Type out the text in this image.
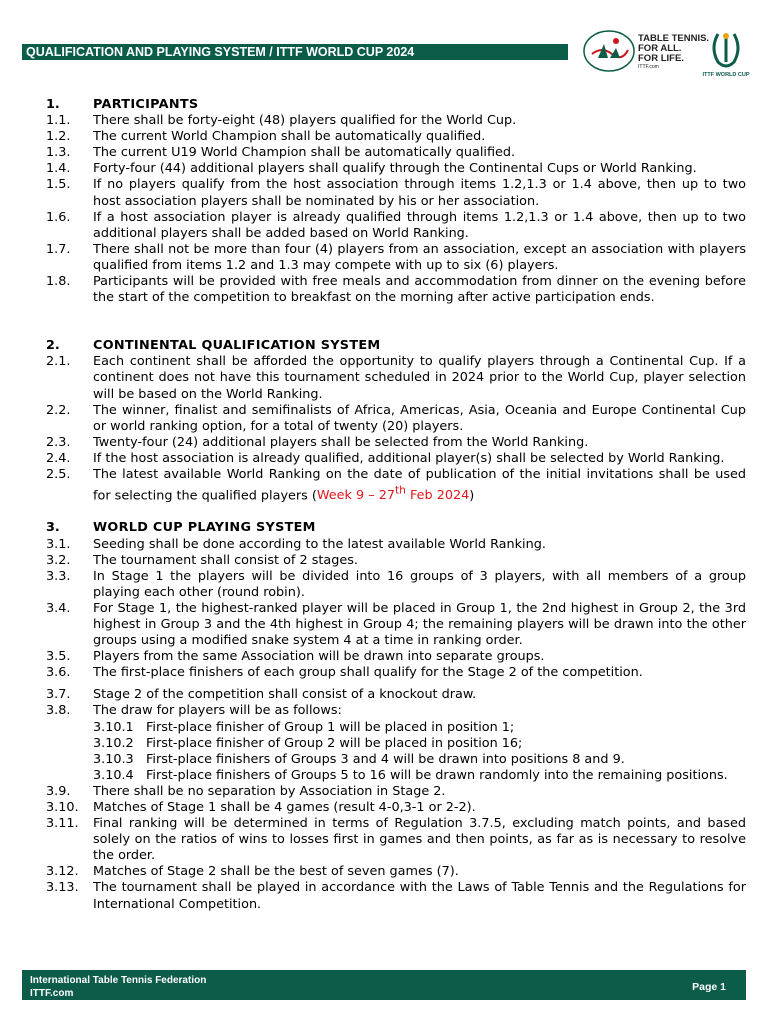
QUALIFICATION AND PLAYING SYSTEM / ITTF WORLD CUP 2024
TABLE TENNIS.
FOR ALL.
FOR LIFE.
ITTF.com
ITTF WORLD CUP
1.	PARTICIPANTS
1.1.	There shall be forty-eight (48) players qualified for the World Cup.
1.2.	The current World Champion shall be automatically qualified.
1.3.	The current U19 World Champion shall be automatically qualified.
1.4.	Forty-four (44) additional players shall qualify through the Continental Cups or World Ranking.
1.5.	If no players qualify from the host association through items 1.2,1.3 or 1.4 above, then up to two host association players shall be nominated by his or her association.
1.6.	If a host association player is already qualified through items 1.2,1.3 or 1.4 above, then up to two additional players shall be added based on World Ranking.
1.7.	There shall not be more than four (4) players from an association, except an association with players qualified from items 1.2 and 1.3 may compete with up to six (6) players.
1.8.	Participants will be provided with free meals and accommodation from dinner on the evening before the start of the competition to breakfast on the morning after active participation ends.
2.	CONTINENTAL QUALIFICATION SYSTEM
2.1.	Each continent shall be afforded the opportunity to qualify players through a Continental Cup. If a continent does not have this tournament scheduled in 2024 prior to the World Cup, player selection will be based on the World Ranking.
2.2.	The winner, finalist and semifinalists of Africa, Americas, Asia, Oceania and Europe Continental Cup or world ranking option, for a total of twenty (20) players.
2.3.	Twenty-four (24) additional players shall be selected from the World Ranking.
2.4.	If the host association is already qualified, additional player(s) shall be selected by World Ranking.
2.5.	The latest available World Ranking on the date of publication of the initial invitations shall be used for selecting the qualified players (Week 9 – 27th Feb 2024)
3.	WORLD CUP PLAYING SYSTEM
3.1.	Seeding shall be done according to the latest available World Ranking.
3.2.	The tournament shall consist of 2 stages.
3.3.	In Stage 1 the players will be divided into 16 groups of 3 players, with all members of a group playing each other (round robin).
3.4.	For Stage 1, the highest-ranked player will be placed in Group 1, the 2nd highest in Group 2, the 3rd highest in Group 3 and the 4th highest in Group 4; the remaining players will be drawn into the other groups using a modified snake system 4 at a time in ranking order.
3.5.	Players from the same Association will be drawn into separate groups.
3.6.	The first-place finishers of each group shall qualify for the Stage 2 of the competition.
3.7.	Stage 2 of the competition shall consist of a knockout draw.
3.8.	The draw for players will be as follows:
3.10.1 First-place finisher of Group 1 will be placed in position 1;
3.10.2 First-place finisher of Group 2 will be placed in position 16;
3.10.3 First-place finishers of Groups 3 and 4 will be drawn into positions 8 and 9.
3.10.4 First-place finishers of Groups 5 to 16 will be drawn randomly into the remaining positions.
3.9.	There shall be no separation by Association in Stage 2.
3.10.	Matches of Stage 1 shall be 4 games (result 4-0,3-1 or 2-2).
3.11.	Final ranking will be determined in terms of Regulation 3.7.5, excluding match points, and based solely on the ratios of wins to losses first in games and then points, as far as is necessary to resolve the order.
3.12.	Matches of Stage 2 shall be the best of seven games (7).
3.13.	The tournament shall be played in accordance with the Laws of Table Tennis and the Regulations for International Competition.
International Table Tennis Federation
ITTF.com
Page 1
